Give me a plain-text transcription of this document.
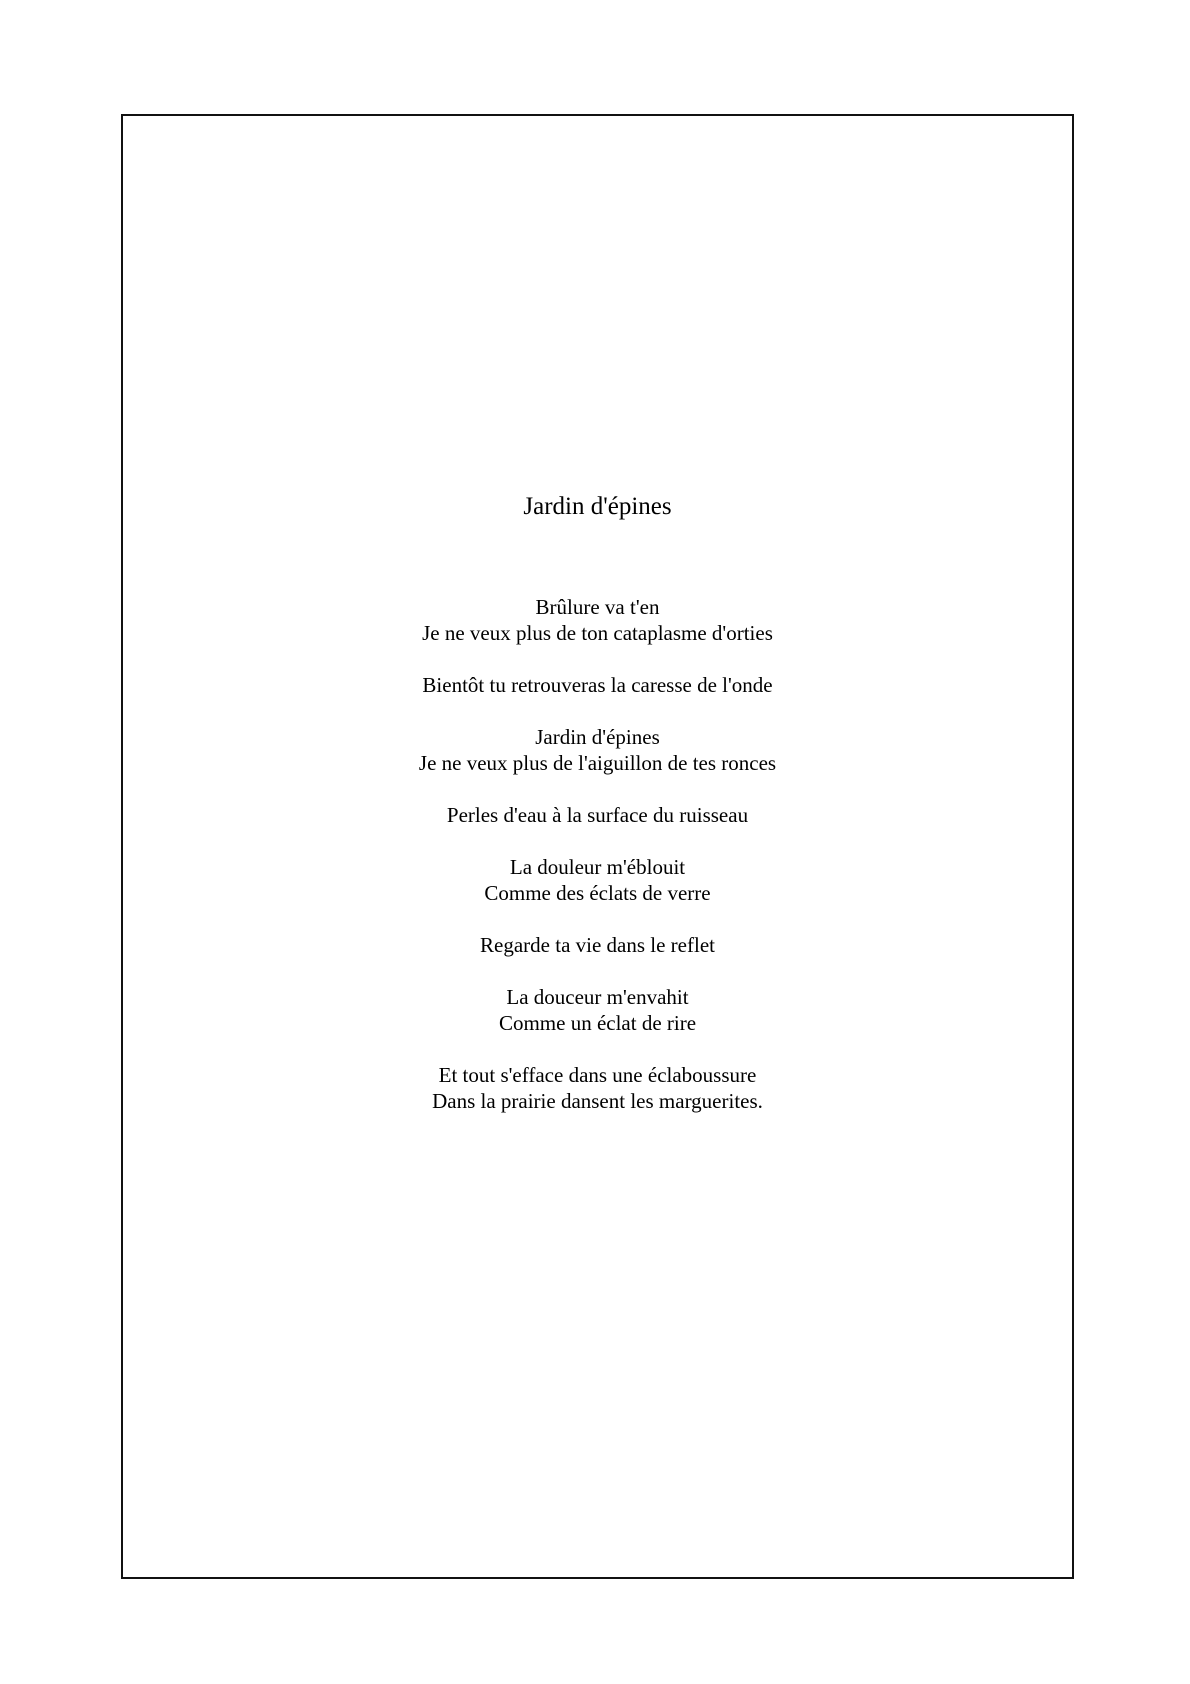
Jardin d'épines
Brûlure va t'en
Je ne veux plus de ton cataplasme d'orties
Bientôt tu retrouveras la caresse de l'onde
Jardin d'épines
Je ne veux plus de l'aiguillon de tes ronces
Perles d'eau à la surface du ruisseau
La douleur m'éblouit
Comme des éclats de verre
Regarde ta vie dans le reflet
La douceur m'envahit
Comme un éclat de rire
Et tout s'efface dans une éclaboussure
Dans la prairie dansent les marguerites.
